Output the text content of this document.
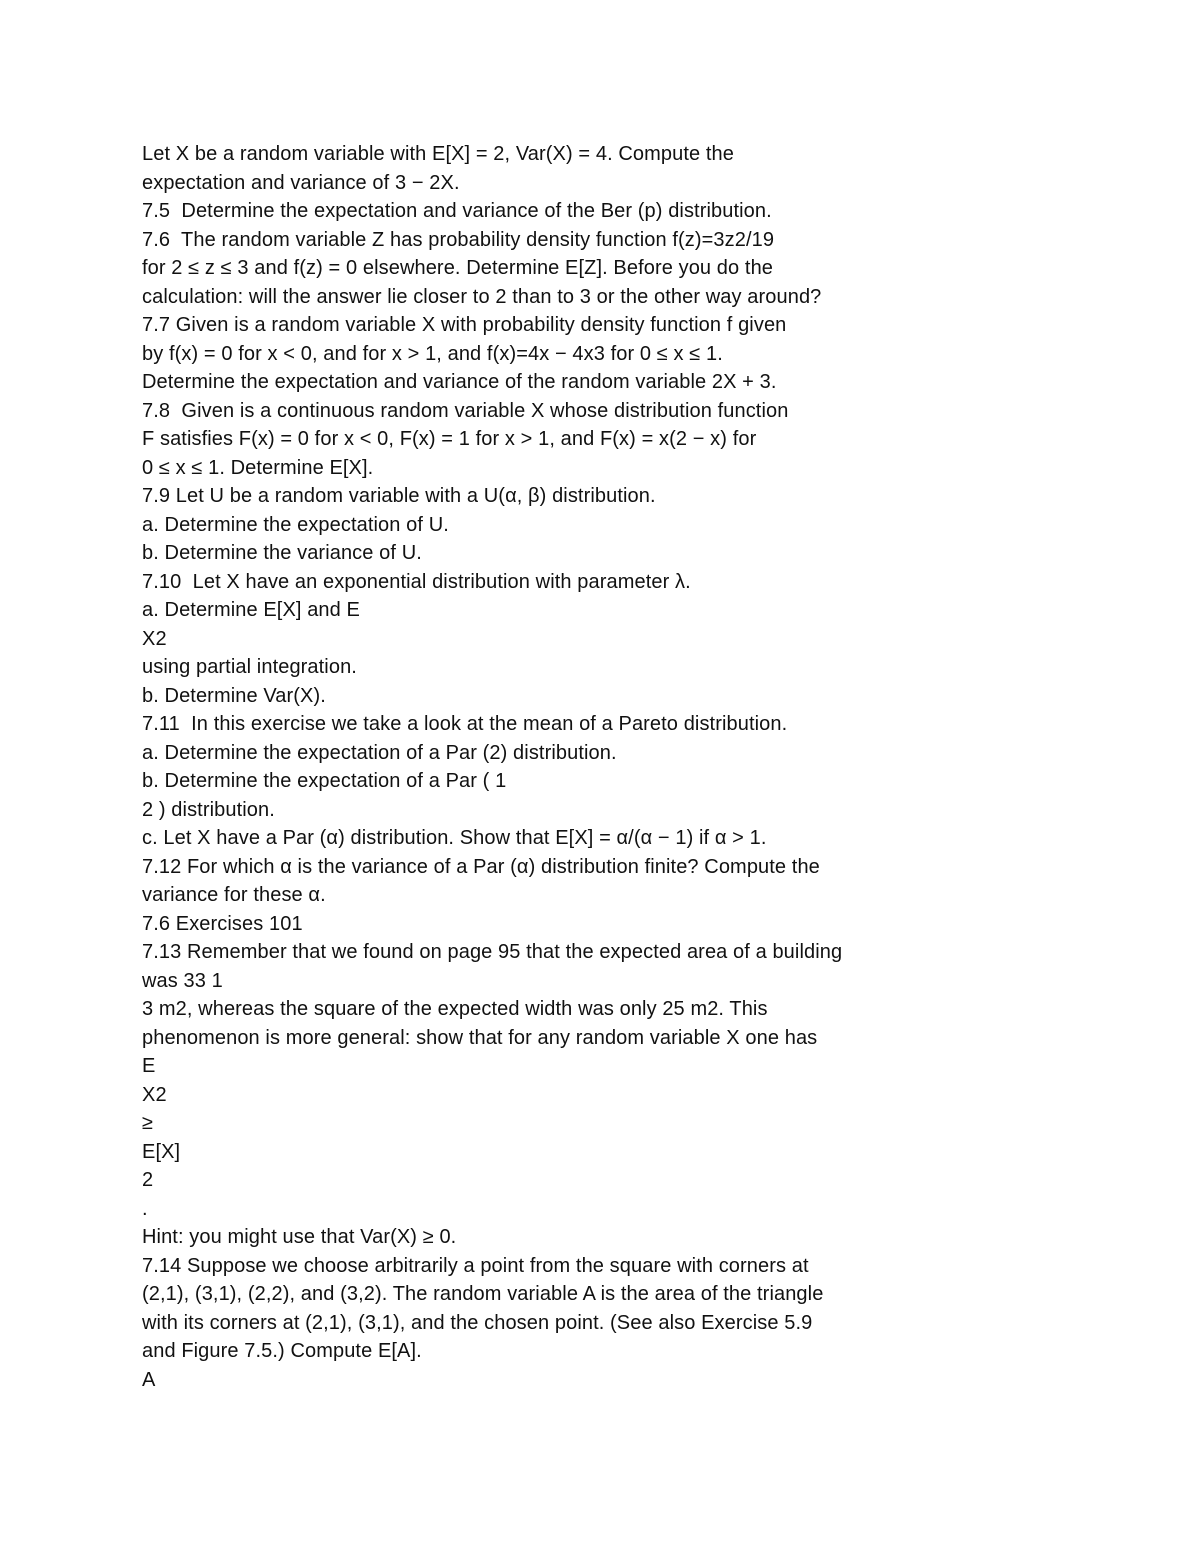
Let X be a random variable with E[X] = 2, Var(X) = 4. Compute the
expectation and variance of 3 − 2X.
7.5  Determine the expectation and variance of the Ber (p) distribution.
7.6  The random variable Z has probability density function f(z)=3z2/19
for 2 ≤ z ≤ 3 and f(z) = 0 elsewhere. Determine E[Z]. Before you do the
calculation: will the answer lie closer to 2 than to 3 or the other way around?
7.7 Given is a random variable X with probability density function f given
by f(x) = 0 for x < 0, and for x > 1, and f(x)=4x − 4x3 for 0 ≤ x ≤ 1.
Determine the expectation and variance of the random variable 2X + 3.
7.8  Given is a continuous random variable X whose distribution function
F satisfies F(x) = 0 for x < 0, F(x) = 1 for x > 1, and F(x) = x(2 − x) for
0 ≤ x ≤ 1. Determine E[X].
7.9 Let U be a random variable with a U(α, β) distribution.
a. Determine the expectation of U.
b. Determine the variance of U.
7.10  Let X have an exponential distribution with parameter λ.
a. Determine E[X] and E
X2
using partial integration.
b. Determine Var(X).
7.11  In this exercise we take a look at the mean of a Pareto distribution.
a. Determine the expectation of a Par (2) distribution.
b. Determine the expectation of a Par ( 1
2 ) distribution.
c. Let X have a Par (α) distribution. Show that E[X] = α/(α − 1) if α > 1.
7.12 For which α is the variance of a Par (α) distribution finite? Compute the
variance for these α.
7.6 Exercises 101
7.13 Remember that we found on page 95 that the expected area of a building
was 33 1
3 m2, whereas the square of the expected width was only 25 m2. This
phenomenon is more general: show that for any random variable X one has
E
X2
≥
E[X]
2
.
Hint: you might use that Var(X) ≥ 0.
7.14 Suppose we choose arbitrarily a point from the square with corners at
(2,1), (3,1), (2,2), and (3,2). The random variable A is the area of the triangle
with its corners at (2,1), (3,1), and the chosen point. (See also Exercise 5.9
and Figure 7.5.) Compute E[A].
A
